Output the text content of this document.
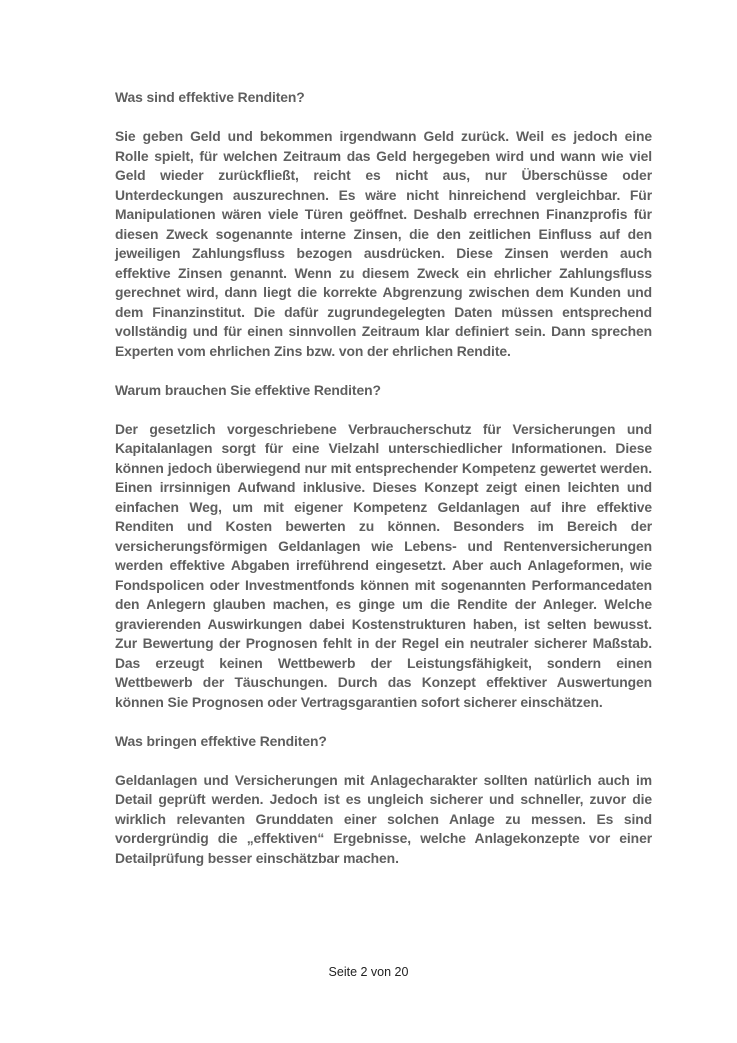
Was sind effektive Renditen?
Sie geben Geld und bekommen irgendwann Geld zurück. Weil es jedoch eine Rolle spielt, für welchen Zeitraum das Geld hergegeben wird und wann wie viel Geld wieder zurückfließt, reicht es nicht aus, nur Überschüsse oder Unterdeckungen auszurechnen. Es wäre nicht hinreichend vergleichbar. Für Manipulationen wären viele Türen geöffnet. Deshalb errechnen Finanzprofis für diesen Zweck sogenannte interne Zinsen, die den zeitlichen Einfluss auf den jeweiligen Zahlungsfluss bezogen ausdrücken. Diese Zinsen werden auch effektive Zinsen genannt. Wenn zu diesem Zweck ein ehrlicher Zahlungsfluss gerechnet wird, dann liegt die korrekte Abgrenzung zwischen dem Kunden und dem Finanzinstitut. Die dafür zugrundegelegten Daten müssen entsprechend vollständig und für einen sinnvollen Zeitraum klar definiert sein. Dann sprechen Experten vom ehrlichen Zins bzw. von der ehrlichen Rendite.
Warum brauchen Sie effektive Renditen?
Der gesetzlich vorgeschriebene Verbraucherschutz für Versicherungen und Kapitalanlagen sorgt für eine Vielzahl unterschiedlicher Informationen. Diese können jedoch überwiegend nur mit entsprechender Kompetenz gewertet werden. Einen irrsinnigen Aufwand inklusive. Dieses Konzept zeigt einen leichten und einfachen Weg, um mit eigener Kompetenz Geldanlagen auf ihre effektive Renditen und Kosten bewerten zu können. Besonders im Bereich der versicherungsförmigen Geldanlagen wie Lebens- und Rentenversicherungen werden effektive Abgaben irreführend eingesetzt. Aber auch Anlageformen, wie Fondspolicen oder Investmentfonds können mit sogenannten Performancedaten den Anlegern glauben machen, es ginge um die Rendite der Anleger. Welche gravierenden Auswirkungen dabei Kostenstrukturen haben, ist selten bewusst. Zur Bewertung der Prognosen fehlt in der Regel ein neutraler sicherer Maßstab. Das erzeugt keinen Wettbewerb der Leistungsfähigkeit, sondern einen Wettbewerb der Täuschungen. Durch das Konzept effektiver Auswertungen können Sie Prognosen oder Vertragsgarantien sofort sicherer einschätzen.
Was bringen effektive Renditen?
Geldanlagen und Versicherungen mit Anlagecharakter sollten natürlich auch im Detail geprüft werden. Jedoch ist es ungleich sicherer und schneller, zuvor die wirklich relevanten Grunddaten einer solchen Anlage zu messen. Es sind vordergründig die „effektiven“ Ergebnisse, welche Anlagekonzepte vor einer Detailprüfung besser einschätzbar machen.
Seite 2 von 20
